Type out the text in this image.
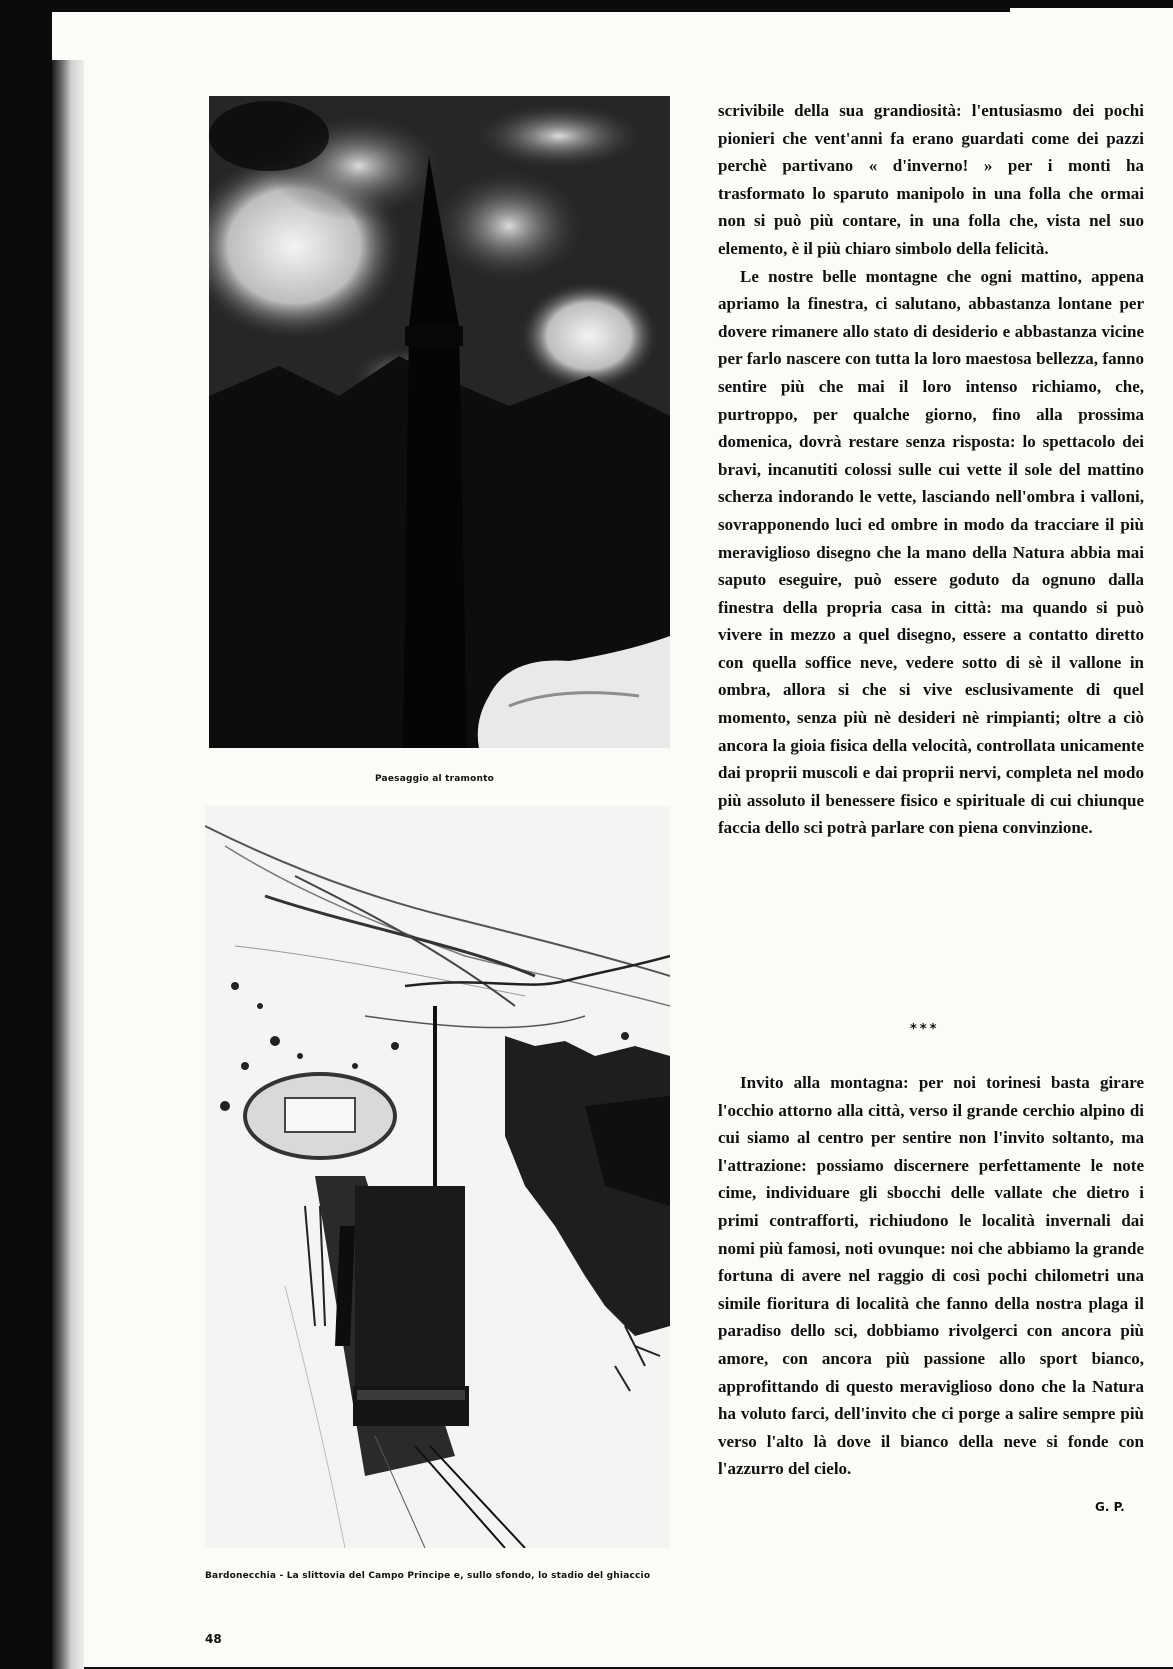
Paesaggio al tramonto
Bardonecchia - La slittovia del Campo Principe e, sullo sfondo, lo stadio del ghiaccio
48

scrivibile della sua grandiosità: l'entusiasmo dei pochi pionieri che vent'anni fa erano guardati come dei pazzi perchè partivano « d'inverno! » per i monti ha trasformato lo sparuto manipolo in una folla che ormai non si può più contare, in una folla che, vista nel suo elemento, è il più chiaro simbolo della felicità.

Le nostre belle montagne che ogni mattino, appena apriamo la finestra, ci salutano, abbastanza lontane per dovere rimanere allo stato di desiderio e abbastanza vicine per farlo nascere con tutta la loro maestosa bellezza, fanno sentire più che mai il loro intenso richiamo, che, purtroppo, per qualche giorno, fino alla prossima domenica, dovrà restare senza risposta: lo spettacolo dei bravi, incanutiti colossi sulle cui vette il sole del mattino scherza indorando le vette, lasciando nell'ombra i valloni, sovrapponendo luci ed ombre in modo da tracciare il più meraviglioso disegno che la mano della Natura abbia mai saputo eseguire, può essere goduto da ognuno dalla finestra della propria casa in città: ma quando si può vivere in mezzo a quel disegno, essere a contatto diretto con quella soffice neve, vedere sotto di sè il vallone in ombra, allora si che si vive esclusivamente di quel momento, senza più nè desideri nè rimpianti; oltre a ciò ancora la gioia fisica della velocità, controllata unicamente dai proprii muscoli e dai proprii nervi, completa nel modo più assoluto il benessere fisico e spirituale di cui chiunque faccia dello sci potrà parlare con piena convinzione.

***

Invito alla montagna: per noi torinesi basta girare l'occhio attorno alla città, verso il grande cerchio alpino di cui siamo al centro per sentire non l'invito soltanto, ma l'attrazione: possiamo discernere perfettamente le note cime, individuare gli sbocchi delle vallate che dietro i primi contrafforti, richiudono le località invernali dai nomi più famosi, noti ovunque: noi che abbiamo la grande fortuna di avere nel raggio di così pochi chilometri una simile fioritura di località che fanno della nostra plaga il paradiso dello sci, dobbiamo rivolgerci con ancora più amore, con ancora più passione allo sport bianco, approfittando di questo meraviglioso dono che la Natura ha voluto farci, dell'invito che ci porge a salire sempre più verso l'alto là dove il bianco della neve si fonde con l'azzurro del cielo.

G. P.
